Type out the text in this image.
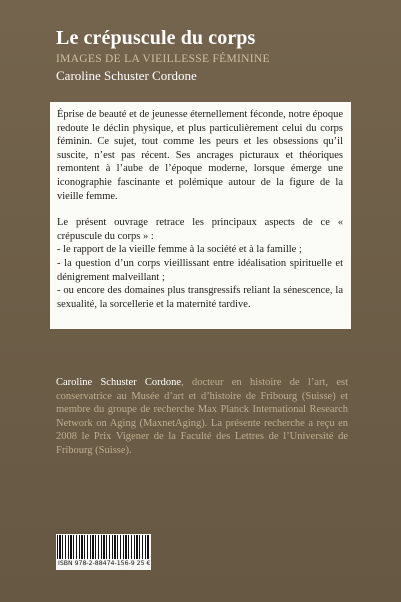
Le crépuscule du corps
IMAGES DE LA VIEILLESSE FÉMININE
Caroline Schuster Cordone

Éprise de beauté et de jeunesse éternellement féconde, notre époque redoute le déclin physique, et plus particulièrement celui du corps féminin. Ce sujet, tout comme les peurs et les obsessions qu’il suscite, n’est pas récent. Ses ancrages picturaux et théoriques remontent à l’aube de l’époque moderne, lorsque émerge une iconographie fascinante et polémique autour de la figure de la vieille femme.

Le présent ouvrage retrace les principaux aspects de ce « crépuscule du corps » :

- le rapport de la vieille femme à la société et à la famille ;

- la question d’un corps vieillissant entre idéalisation spirituelle et dénigrement malveillant ;

- ou encore des domaines plus transgressifs reliant la sénescence, la sexualité, la sorcellerie et la maternité tardive.

Caroline Schuster Cordone, docteur en histoire de l’art, est conservatrice au Musée d’art et d’histoire de Fribourg (Suisse) et membre du groupe de recherche Max Planck International Research Network on Aging (MaxnetAging). La présente recherche a reçu en 2008 le Prix Vigener de la Faculté des Lettres de l’Université de Fribourg (Suisse).
ISBN 978-2-88474-156-9 25 €
